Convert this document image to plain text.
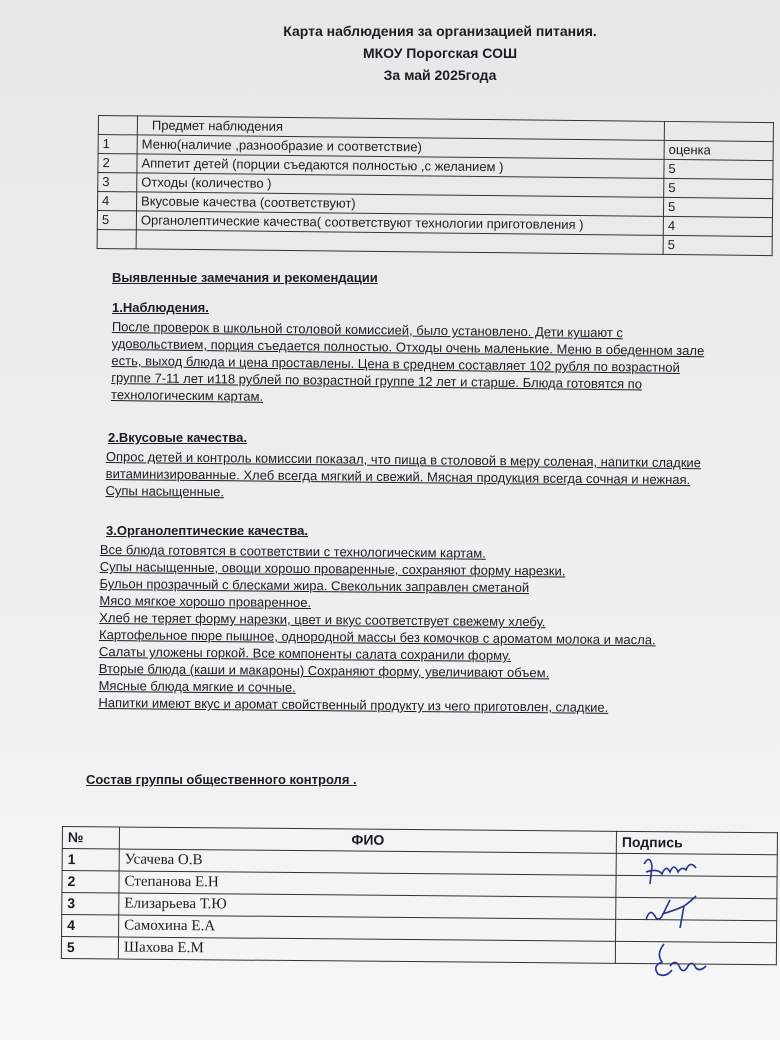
Карта наблюдения за организацией питания.
МКОУ Порогская СОШ
За май 2025года
	Предмет наблюдения	
1	Меню(наличие ,разнообразие и соответствие)	оценка
2	Аппетит детей (порции съедаются полностью ,с желанием )	5
3	Отходы (количество )	5
4	Вкусовые качества (соответствуют)	5
5	Органолептические качества( соответствуют технологии приготовления )	4
		5
Выявленные замечания и рекомендации
1.Наблюдения.
После проверок в школьной столовой комиссией, было установлено. Дети кушают с
удовольствием, порция съедается полностью. Отходы очень маленькие. Меню в обеденном зале
есть, выход блюда и цена проставлены. Цена в среднем составляет 102 рубля по возрастной
группе 7-11 лет и118 рублей по возрастной группе 12 лет и старше. Блюда готовятся по
технологическим картам.
2.Вкусовые качества.
Опрос детей и контроль комиссии показал, что пища в столовой в меру соленая, напитки сладкие
витаминизированные. Хлеб всегда мягкий и свежий. Мясная продукция всегда сочная и нежная.
Супы насыщенные.
3.Органолептические качества.
Все блюда готовятся в соответствии с технологическим картам.
Супы насыщенные, овощи хорошо проваренные, сохраняют форму нарезки.
Бульон прозрачный с блесками жира. Свекольник заправлен сметаной
Мясо мягкое хорошо проваренное.
Хлеб не теряет форму нарезки, цвет и вкус соответствует свежему хлебу.
Картофельное пюре пышное, однородной массы без комочков с ароматом молока и масла.
Салаты уложены горкой. Все компоненты салата сохранили форму.
Вторые блюда (каши и макароны) Сохраняют форму, увеличивают объем.
Мясные блюда мягкие и сочные.
Напитки имеют вкус и аромат свойственный продукту из чего приготовлен, сладкие.
Состав группы общественного контроля .
№	ФИО	Подпись
1	Усачева О.В	
2	Степанова Е.Н	
3	Елизарьева Т.Ю	
4	Самохина Е.А	
5	Шахова Е.М	
